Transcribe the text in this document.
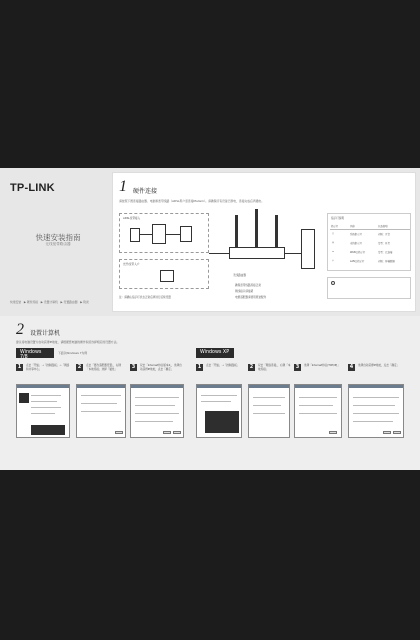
TP-LINK
快速安装指南
无线宽带路由器
快速安装 ▶ 硬件连接 ▶ 设置计算机 ▶ 设置路由器 ▶ 附录
1 硬件连接
请按照下图连接路由器、电脑和宽带线路（ADSL用户需连接Modem）。请确保所有设备已断电，连接完成后再通电。
ADSL宽带接入
光纤/宽带入户
注：请确认指示灯状态正常后再进行后续设置
无线路由器
确保宽带线路连接正常
网线接口请插紧
电源适配器请使用原装配件
指示灯说明
指示灯	名称	状态说明
○	系统指示灯	闪烁：正常
◎	无线指示灯	常亮：开启
▭	WAN口指示灯	常亮：已连接
◇	LAN口指示灯	闪烁：传输数据
2 设置计算机
建议将电脑设置为自动获得IP地址，请根据您电脑的操作系统选择相应的设置方法。
Windows 7/8
下面以Windows 7为例	Windows XP
1	点击「开始」→「控制面板」→「网络和共享中心」	2	点击「更改适配器设置」，右键「本地连接」选择「属性」	3	双击「Internet协议版本4」，选择自动获得IP地址，点击「确定」	1	点击「开始」→「控制面板」	2	双击「网络连接」，右键「本地连接」	3	选择「Internet协议(TCP/IP)」	4	选择自动获得IP地址，点击「确定」
